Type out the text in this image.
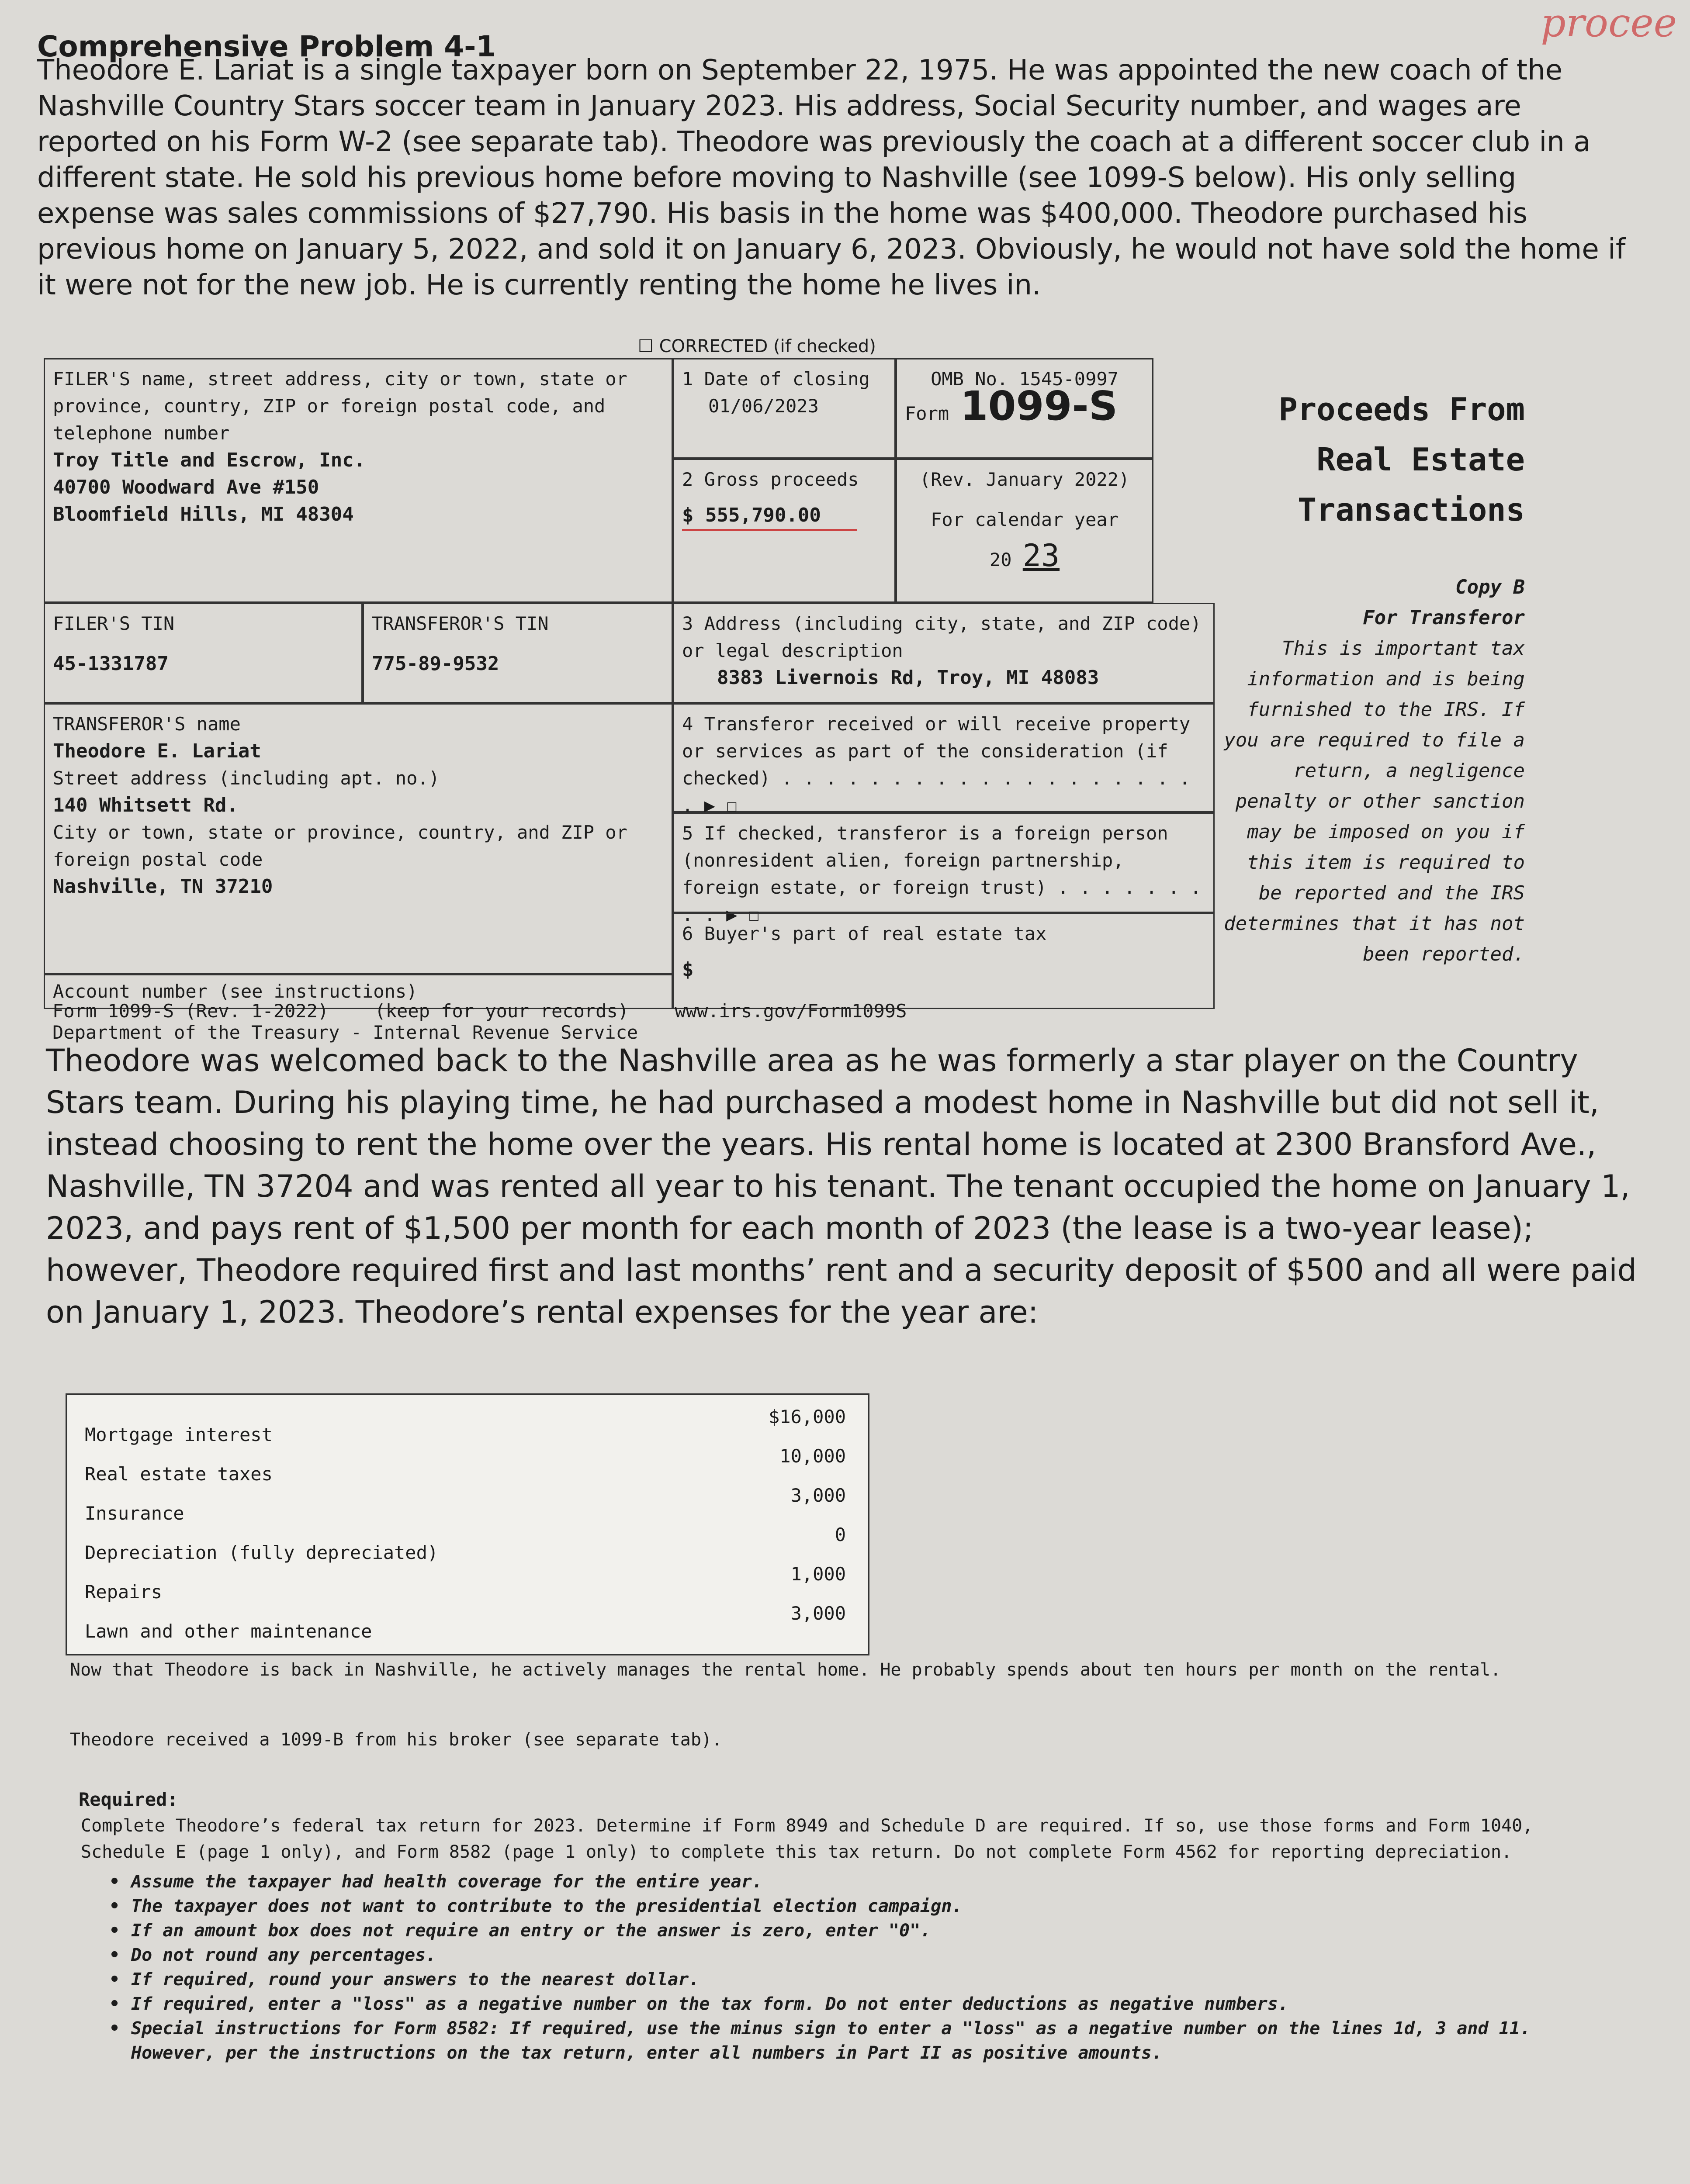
procee
Comprehensive Problem 4-1
Theodore E. Lariat is a single taxpayer born on September 22, 1975. He was appointed the new coach of the Nashville Country Stars soccer team in January 2023. His address, Social Security number, and wages are reported on his Form W-2 (see separate tab). Theodore was previously the coach at a different soccer club in a different state. He sold his previous home before moving to Nashville (see 1099-S below). His only selling expense was sales commissions of $27,790. His basis in the home was $400,000. Theodore purchased his previous home on January 5, 2022, and sold it on January 6, 2023. Obviously, he would not have sold the home if it were not for the new job. He is currently renting the home he lives in.
☐ CORRECTED (if checked)
FILER'S name, street address, city or town, state or province, country, ZIP or foreign postal code, and telephone number
Troy Title and Escrow, Inc.
40700 Woodward Ave #150
Bloomfield Hills, MI 48304
1 Date of closing
01/06/2023
2 Gross proceeds
$ 555,790.00
OMB No. 1545-0997
Form 1099-S
(Rev. January 2022)
For calendar year
20 23
FILER'S TIN
45-1331787
TRANSFEROR'S TIN
775-89-9532
3 Address (including city, state, and ZIP code) or legal description
8383 Livernois Rd, Troy, MI 48083
TRANSFEROR'S name
Theodore E. Lariat
Street address (including apt. no.)
140 Whitsett Rd.
City or town, state or province, country, and ZIP or foreign postal code
Nashville, TN 37210
4 Transferor received or will receive property or services as part of the consideration (if checked) . . . . . . . . . . . . . . . . . . . . ▶ ☐
5 If checked, transferor is a foreign person (nonresident alien, foreign partnership, foreign estate, or foreign trust) . . . . . . . . . ▶ ☐
Account number (see instructions)
6 Buyer's part of real estate tax
$
Proceeds From
Real Estate
Transactions
Copy B
For Transferor
This is important tax information and is being furnished to the IRS. If you are required to file a return, a negligence penalty or other sanction may be imposed on you if this item is required to be reported and the IRS determines that it has not been reported.
Form 1099-S (Rev. 1-2022)	(keep for your records)	www.irs.gov/Form1099S Department of the Treasury - Internal Revenue Service
Theodore was welcomed back to the Nashville area as he was formerly a star player on the Country Stars team. During his playing time, he had purchased a modest home in Nashville but did not sell it, instead choosing to rent the home over the years. His rental home is located at 2300 Bransford Ave., Nashville, TN 37204 and was rented all year to his tenant. The tenant occupied the home on January 1, 2023, and pays rent of $1,500 per month for each month of 2023 (the lease is a two-year lease); however, Theodore required first and last months’ rent and a security deposit of $500 and all were paid on January 1, 2023. Theodore’s rental expenses for the year are:
Mortgage interest
$16,000
Real estate taxes
10,000
Insurance
3,000
Depreciation (fully depreciated)
0
Repairs
1,000
Lawn and other maintenance
3,000
Now that Theodore is back in Nashville, he actively manages the rental home. He probably spends about ten hours per month on the rental.
Theodore received a 1099-B from his broker (see separate tab).
Required:
Complete Theodore’s federal tax return for 2023. Determine if Form 8949 and Schedule D are required. If so, use those forms and Form 1040, Schedule E (page 1 only), and Form 8582 (page 1 only) to complete this tax return. Do not complete Form 4562 for reporting depreciation.
• Assume the taxpayer had health coverage for the entire year.
• The taxpayer does not want to contribute to the presidential election campaign.
• If an amount box does not require an entry or the answer is zero, enter "0".
• Do not round any percentages.
• If required, round your answers to the nearest dollar.
• If required, enter a "loss" as a negative number on the tax form. Do not enter deductions as negative numbers.
• Special instructions for Form 8582: If required, use the minus sign to enter a "loss" as a negative number on the lines 1d, 3 and 11. However, per the instructions on the tax return, enter all numbers in Part II as positive amounts.
